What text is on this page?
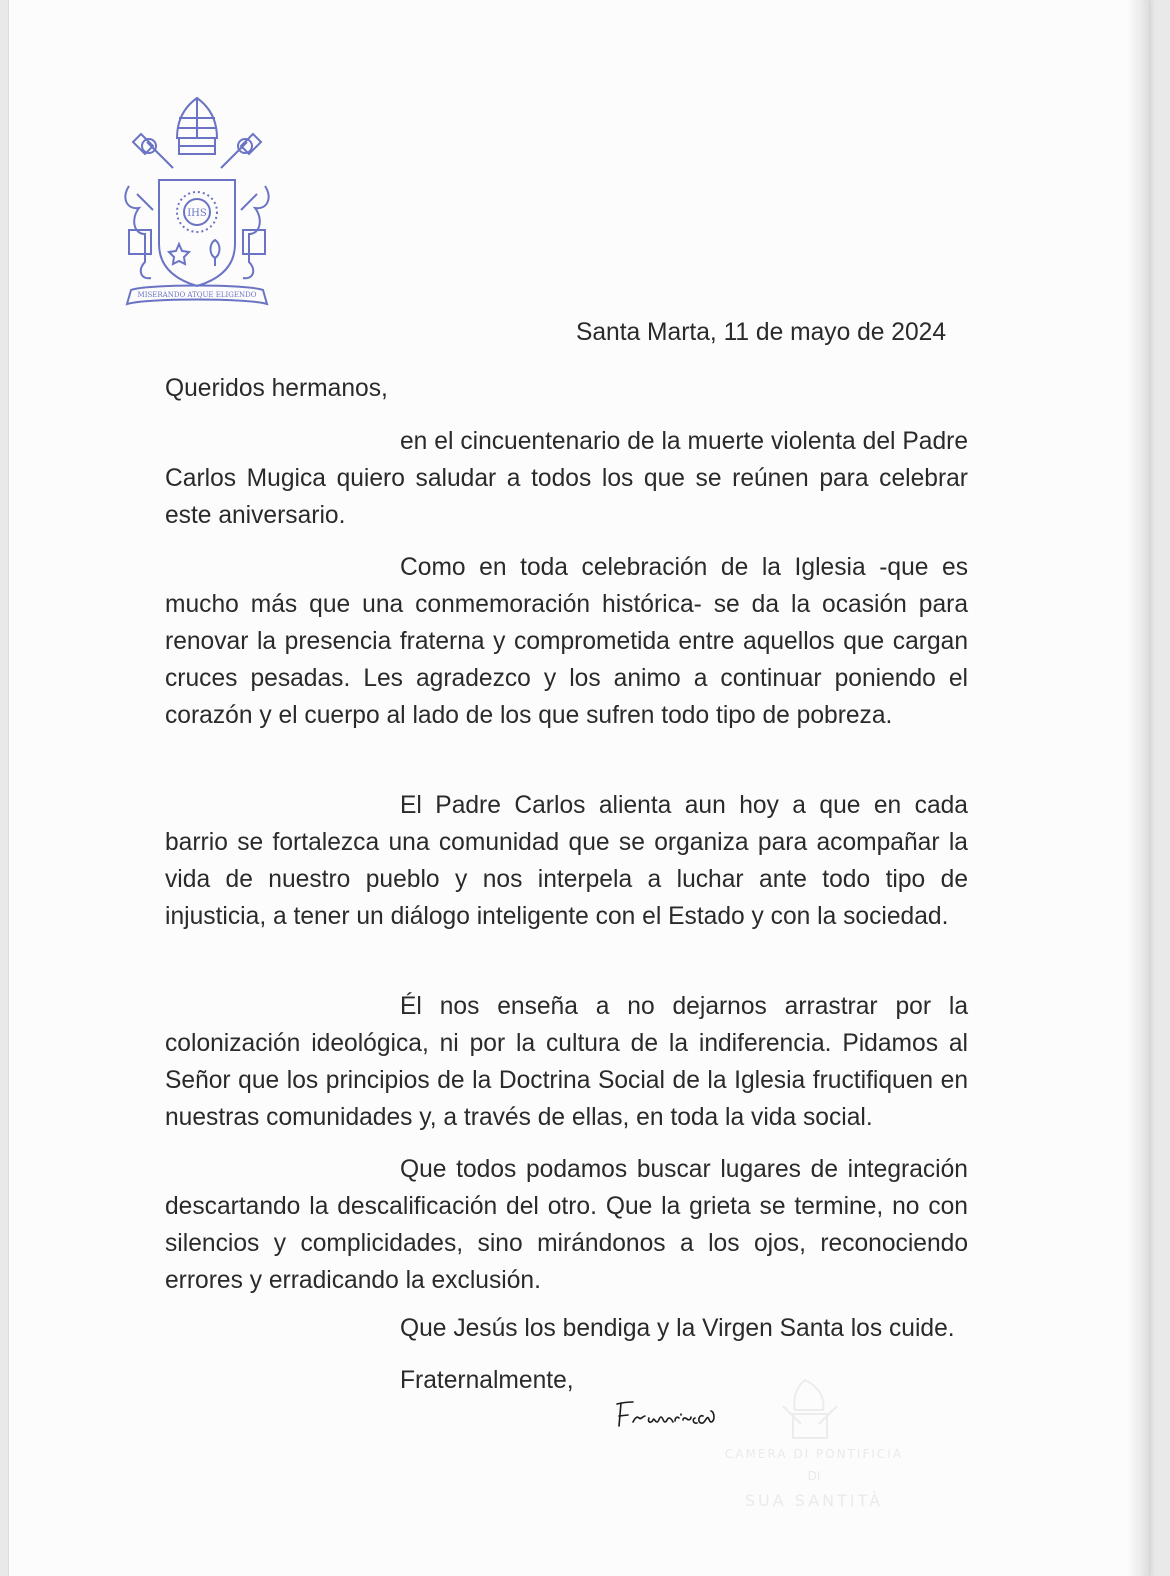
IHS
MISERANDO ATQUE ELIGENDO
Santa Marta, 11 de mayo de 2024
Queridos hermanos,

en el cincuentenario de la muerte violenta del Padre Carlos Mugica quiero saludar a todos los que se reúnen para celebrar este aniversario.

Como en toda celebración de la Iglesia -que es mucho más que una conmemoración histórica- se da la ocasión para renovar la presencia fraterna y comprometida entre aquellos que cargan cruces pesadas. Les agradezco y los animo a continuar poniendo el corazón y el cuerpo al lado de los que sufren todo tipo de pobreza.

El Padre Carlos alienta aun hoy a que en cada barrio se fortalezca una comunidad que se organiza para acompañar la vida de nuestro pueblo y nos interpela a luchar ante todo tipo de injusticia, a tener un diálogo inteligente con el Estado y con la sociedad.

Él nos enseña a no dejarnos arrastrar por la colonización ideológica, ni por la cultura de la indiferencia. Pidamos al Señor que los principios de la Doctrina Social de la Iglesia fructifiquen en nuestras comunidades y, a través de ellas, en toda la vida social.

Que todos podamos buscar lugares de integración descartando la descalificación del otro. Que la grieta se termine, no con silencios y complicidades, sino mirándonos a los ojos, reconociendo errores y erradicando la exclusión.

Que Jesús los bendiga y la Virgen Santa los cuide.
Fraternalmente,
CAMERA DI PONTIFICIA
DI
SUA SANTITÀ
